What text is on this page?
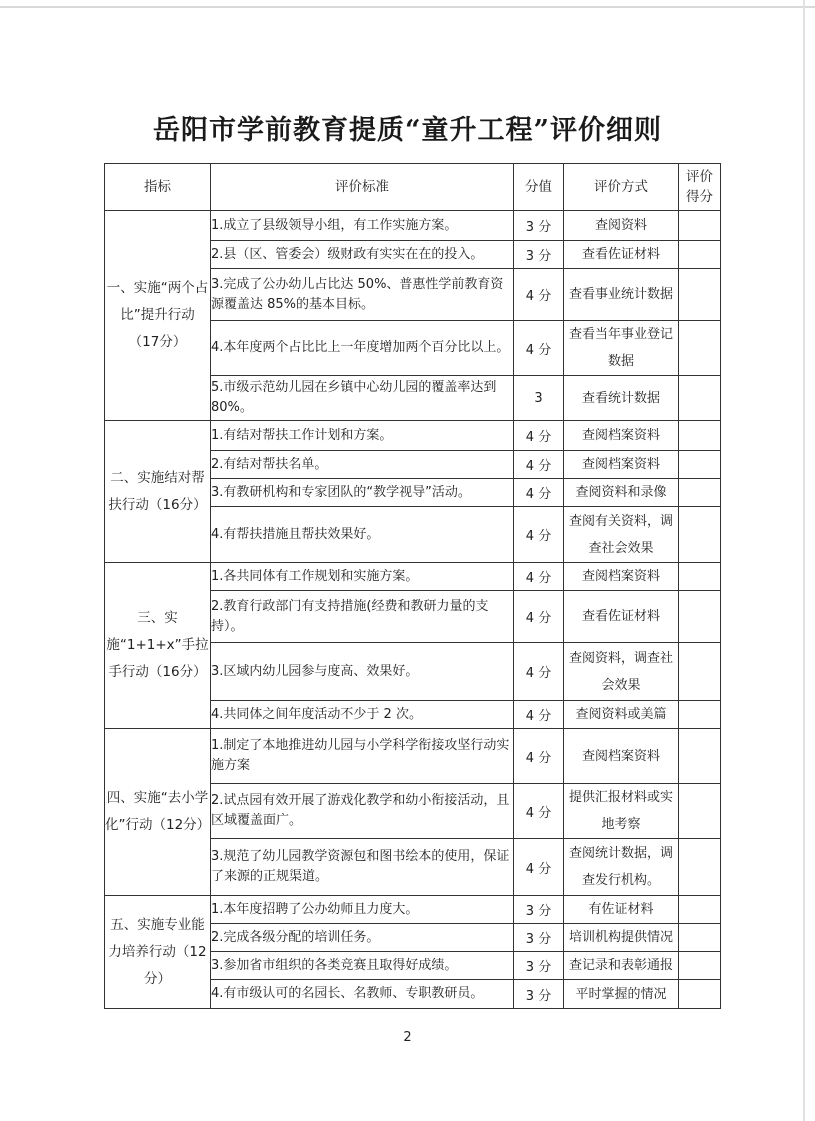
岳阳市学前教育提质“童升工程”评价细则
指标	评价标准	分值	评价方式	评价得分
一、实施“两个占比”提升行动（17分）	1.成立了县级领导小组，有工作实施方案。	3 分	查阅资料	
	2.县（区、管委会）级财政有实实在在的投入。	3 分	查看佐证材料	
	3.完成了公办幼儿占比达 50%、普惠性学前教育资源覆盖达 85%的基本目标。	4 分	查看事业统计数据	
	4.本年度两个占比比上一年度增加两个百分比以上。	4 分	查看当年事业登记数据	
	5.市级示范幼儿园在乡镇中心幼儿园的覆盖率达到 80%。	3	查看统计数据	
二、实施结对帮扶行动（16分）	1.有结对帮扶工作计划和方案。	4 分	查阅档案资料	
	2.有结对帮扶名单。	4 分	查阅档案资料	
	3.有教研机构和专家团队的“教学视导”活动。	4 分	查阅资料和录像	
	4.有帮扶措施且帮扶效果好。	4 分	查阅有关资料，调查社会效果	
三、实施“1+1+x”手拉手行动（16分）	1.各共同体有工作规划和实施方案。	4 分	查阅档案资料	
	2.教育行政部门有支持措施(经费和教研力量的支持）。	4 分	查看佐证材料	
	3.区域内幼儿园参与度高、效果好。	4 分	查阅资料，调查社会效果	
	4.共同体之间年度活动不少于 2 次。	4 分	查阅资料或美篇	
四、实施“去小学化”行动（12分）	1.制定了本地推进幼儿园与小学科学衔接攻坚行动实施方案	4 分	查阅档案资料	
	2.试点园有效开展了游戏化教学和幼小衔接活动，且区域覆盖面广。	4 分	提供汇报材料或实地考察	
	3.规范了幼儿园教学资源包和图书绘本的使用，保证了来源的正规渠道。	4 分	查阅统计数据，调查发行机构。	
五、实施专业能力培养行动（12分）	1.本年度招聘了公办幼师且力度大。	3 分	有佐证材料	
	2.完成各级分配的培训任务。	3 分	培训机构提供情况	
	3.参加省市组织的各类竞赛且取得好成绩。	3 分	查记录和表彰通报	
	4.有市级认可的名园长、名教师、专职教研员。	3 分	平时掌握的情况	
2
